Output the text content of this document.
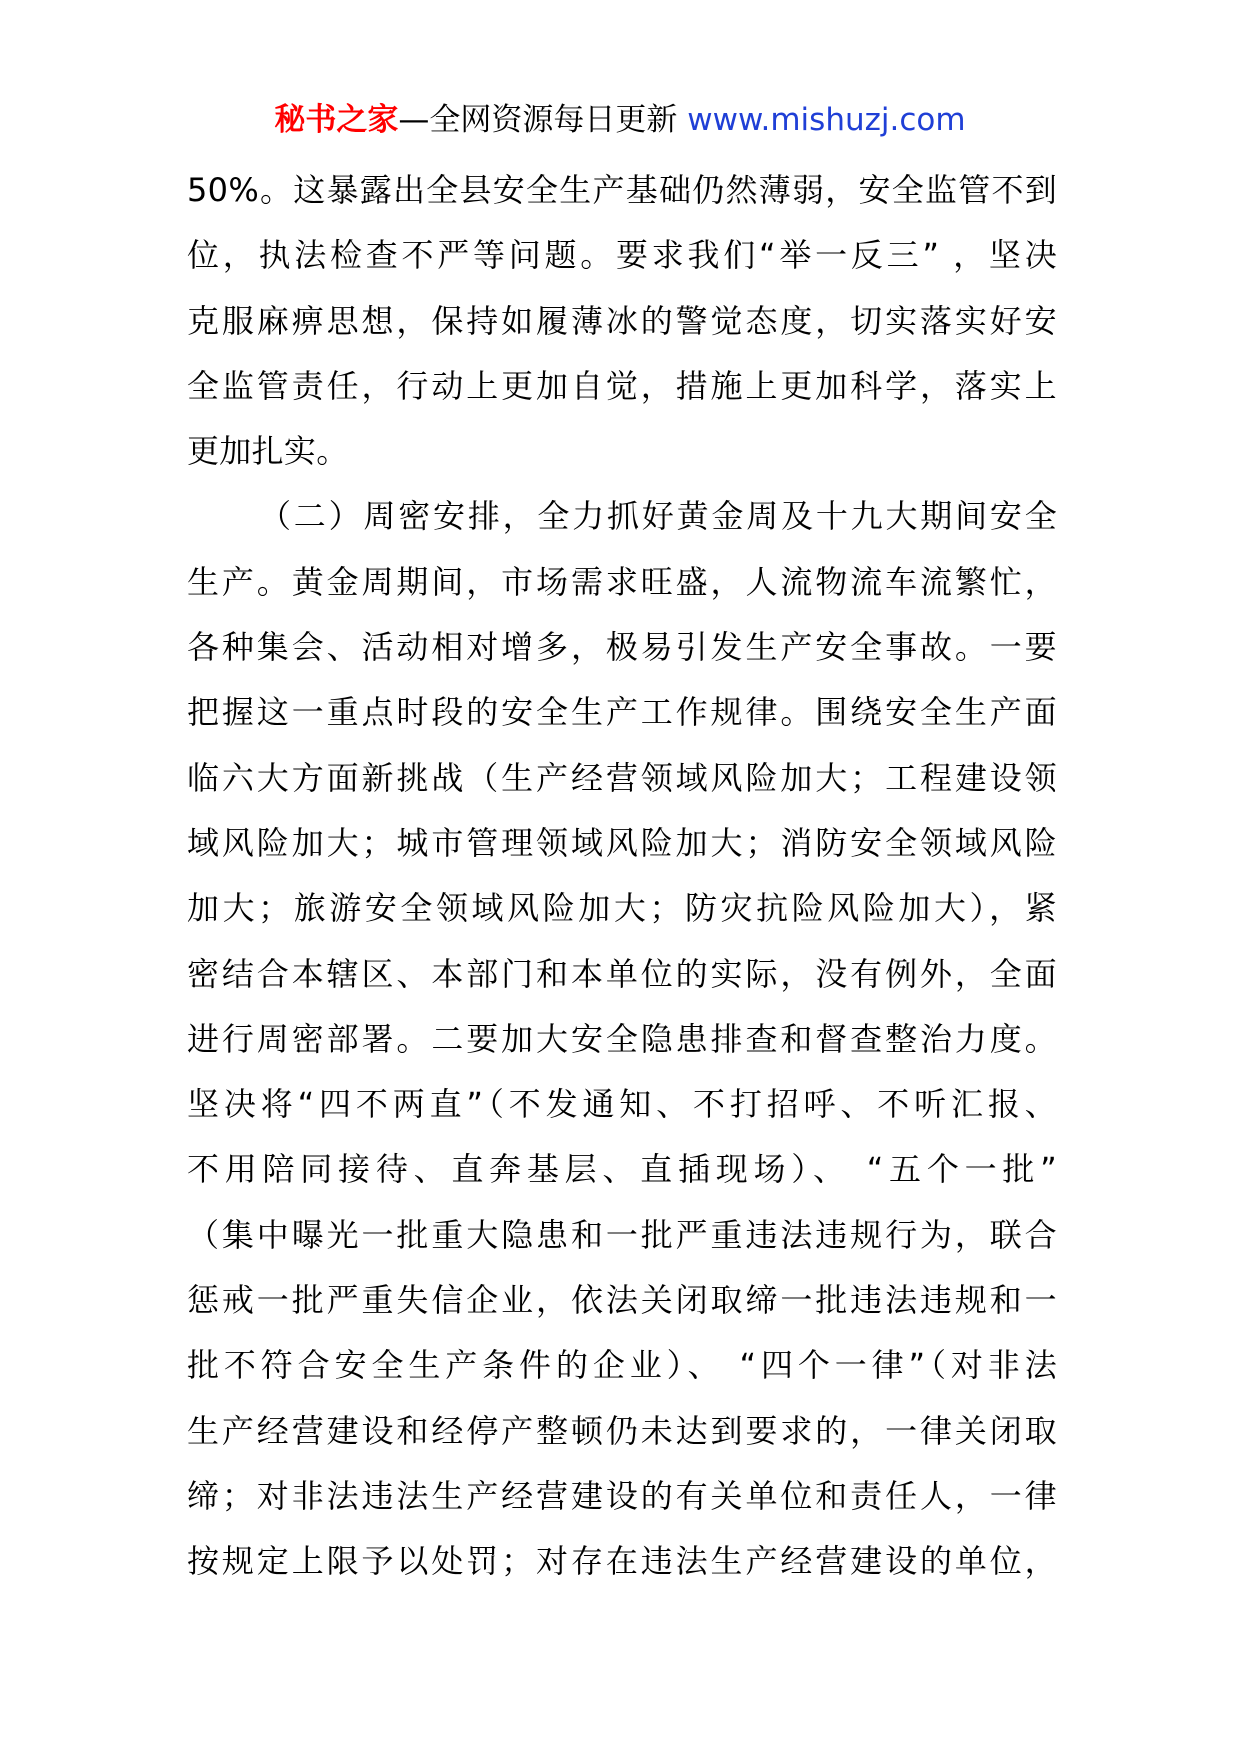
秘书之家—全网资源每日更新 www.mishuzj.com
50%。这暴露出全县安全生产基础仍然薄弱，安全监管不到
位，执法检查不严等问题。要求我们“举一反三” ，坚决
克服麻痹思想，保持如履薄冰的警觉态度，切实落实好安
全监管责任，行动上更加自觉，措施上更加科学，落实上
更加扎实。
（二）周密安排，全力抓好黄金周及十九大期间安全
生产。黄金周期间，市场需求旺盛，人流物流车流繁忙，
各种集会、活动相对增多，极易引发生产安全事故。一要
把握这一重点时段的安全生产工作规律。围绕安全生产面
临六大方面新挑战（生产经营领域风险加大；工程建设领
域风险加大；城市管理领域风险加大；消防安全领域风险
加大；旅游安全领域风险加大；防灾抗险风险加大），紧
密结合本辖区、本部门和本单位的实际，没有例外，全面
进行周密部署。二要加大安全隐患排查和督查整治力度。
坚决将“四不两直”（不发通知、不打招呼、不听汇报、
不用陪同接待、直奔基层、直插现场）、 “五个一批”
（集中曝光一批重大隐患和一批严重违法违规行为，联合
惩戒一批严重失信企业，依法关闭取缔一批违法违规和一
批不符合安全生产条件的企业）、 “四个一律”（对非法
生产经营建设和经停产整顿仍未达到要求的，一律关闭取
缔；对非法违法生产经营建设的有关单位和责任人，一律
按规定上限予以处罚；对存在违法生产经营建设的单位，
